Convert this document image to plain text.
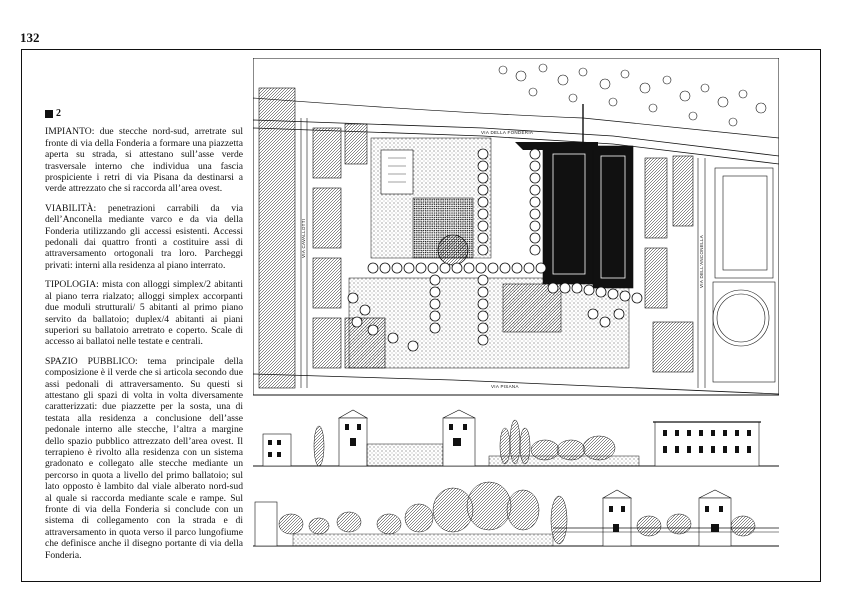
132
2

IMPIANTO: due stecche nord-sud, arretrate sul fronte di via della Fonderia a formare una piazzetta aperta su strada, si attestano sull’asse verde trasversale interno che individua una fascia prospiciente i retri di via Pisana da destinarsi a verde attrezzato che si raccorda all’area ovest.

VIABILITÀ: penetrazioni carrabili da via dell’Anconella mediante varco e da via della Fonderia utilizzando gli accessi esistenti. Accessi pedonali dai quattro fronti a costituire assi di attraversamento ortogonali tra loro. Parcheggi privati: interni alla residenza al piano interrato.

TIPOLOGIA: mista con alloggi simplex/2 abitanti al piano terra rialzato; alloggi simplex accorpanti due moduli strutturali/ 5 abitanti al primo piano servito da ballatoio; duplex/4 abitanti ai piani superiori su ballatoio arretrato e coperto. Scale di accesso ai ballatoi nelle testate e centrali.

SPAZIO PUBBLICO: tema principale della composizione è il verde che si articola secondo due assi pedonali di attraversamento. Su questi si attestano gli spazi di volta in volta diversamente caratterizzati: due piazzette per la sosta, una di testata alla residenza a conclusione dell’asse pedonale interno alle stecche, l’altra a margine dello spazio pubblico attrezzato dell’area ovest. Il terrapieno è rivolto alla residenza con un sistema gradonato e collegato alle stecche mediante un percorso in quota a livello del primo ballatoio; sul lato opposto è lambito dal viale alberato nord-sud al quale si raccorda mediante scale e rampe. Sul fronte di via della Fonderia si conclude con un sistema di collegamento con la strada e di attraversamento in quota verso il parco lungofiume che definisce anche il disegno portante di via della Fonderia.

VIA DELLA FONDERIA
VIA CAVALLOTTI	VIA DELL'ANCONELLA
VIA PISANA
